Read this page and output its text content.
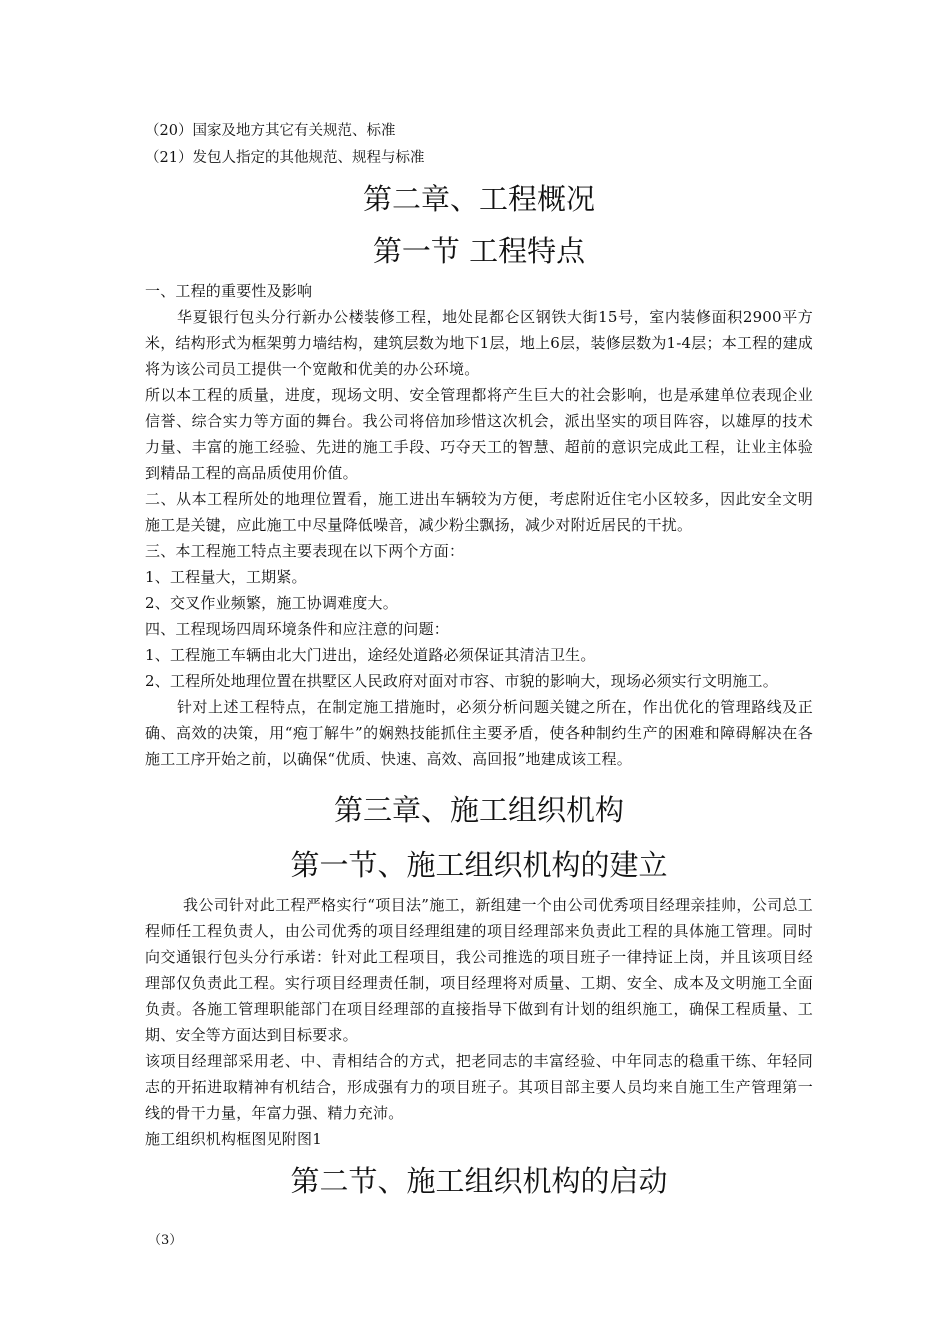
（20）国家及地方其它有关规范、标准

（21）发包人指定的其他规范、规程与标准

第二章、工程概况
第一节 工程特点

一、工程的重要性及影响

华夏银行包头分行新办公楼装修工程，地处昆都仑区钢铁大街15号，室内装修面积2900平方米，结构形式为框架剪力墙结构，建筑层数为地下1层，地上6层，装修层数为1-4层；本工程的建成将为该公司员工提供一个宽敞和优美的办公环境。

所以本工程的质量，进度，现场文明、安全管理都将产生巨大的社会影响，也是承建单位表现企业信誉、综合实力等方面的舞台。我公司将倍加珍惜这次机会，派出坚实的项目阵容，以雄厚的技术力量、丰富的施工经验、先进的施工手段、巧夺天工的智慧、超前的意识完成此工程，让业主体验到精品工程的高品质使用价值。

二、从本工程所处的地理位置看，施工进出车辆较为方便，考虑附近住宅小区较多，因此安全文明施工是关键，应此施工中尽量降低噪音，减少粉尘飘扬，减少对附近居民的干扰。

三、本工程施工特点主要表现在以下两个方面：

1、工程量大，工期紧。

2、交叉作业频繁，施工协调难度大。

四、工程现场四周环境条件和应注意的问题：

1、工程施工车辆由北大门进出，途经处道路必须保证其清洁卫生。

2、工程所处地理位置在拱墅区人民政府对面对市容、市貌的影响大，现场必须实行文明施工。

针对上述工程特点，在制定施工措施时，必须分析问题关键之所在，作出优化的管理路线及正确、高效的决策，用“疱丁解牛”的娴熟技能抓住主要矛盾，使各种制约生产的困难和障碍解决在各施工工序开始之前，以确保“优质、快速、高效、高回报”地建成该工程。

第三章、施工组织机构
第一节、施工组织机构的建立

我公司针对此工程严格实行“项目法”施工，新组建一个由公司优秀项目经理亲挂帅，公司总工程师任工程负责人，由公司优秀的项目经理组建的项目经理部来负责此工程的具体施工管理。同时向交通银行包头分行承诺：针对此工程项目，我公司推选的项目班子一律持证上岗，并且该项目经理部仅负责此工程。实行项目经理责任制，项目经理将对质量、工期、安全、成本及文明施工全面负责。各施工管理职能部门在项目经理部的直接指导下做到有计划的组织施工，确保工程质量、工期、安全等方面达到目标要求。

该项目经理部采用老、中、青相结合的方式，把老同志的丰富经验、中年同志的稳重干练、年轻同志的开拓进取精神有机结合，形成强有力的项目班子。其项目部主要人员均来自施工生产管理第一线的骨干力量，年富力强、精力充沛。

施工组织机构框图见附图1

第二节、施工组织机构的启动
（3）
